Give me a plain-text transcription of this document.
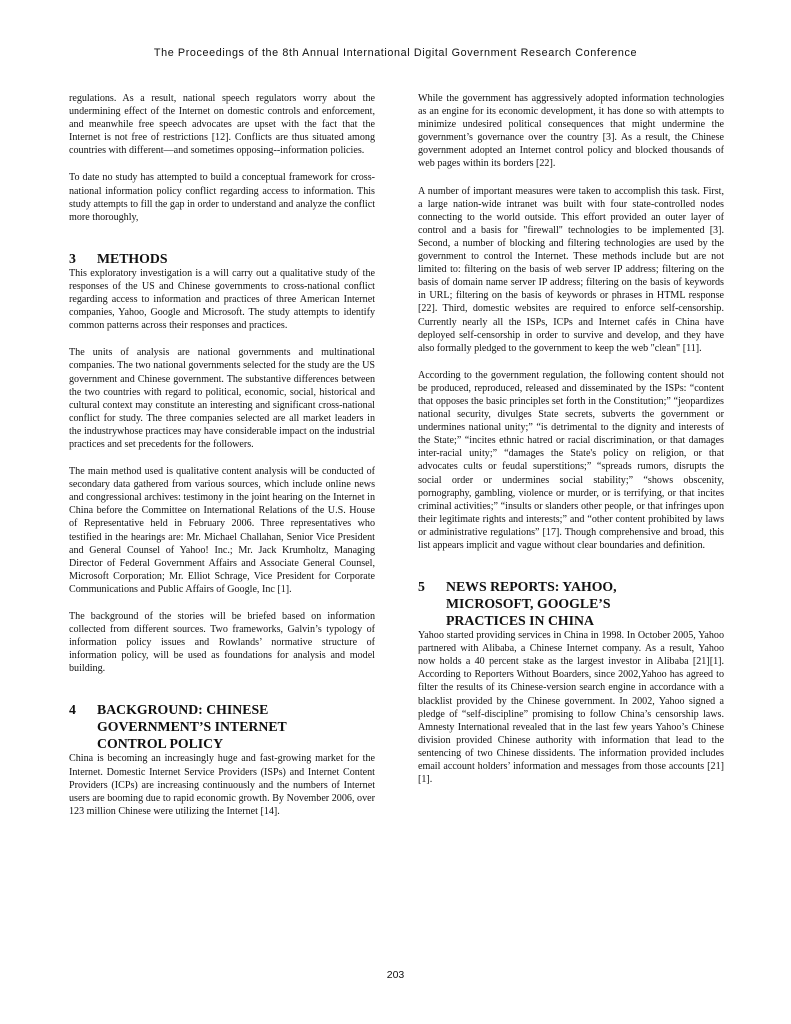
The Proceedings of the 8th Annual International Digital Government Research Conference

regulations. As a result, national speech regulators worry about the undermining effect of the Internet on domestic controls and enforcement, and meanwhile free speech advocates are upset with the fact that the Internet is not free of restrictions [12]. Conflicts are thus situated among countries with different—and sometimes opposing--information policies.

To date no study has attempted to build a conceptual framework for cross-national information policy conflict regarding access to information. This study attempts to fill the gap in order to understand and analyze the conflict more thoroughly,

3	METHODS

This exploratory investigation is a will carry out a qualitative study of the responses of the US and Chinese governments to cross-national conflict regarding access to information and practices of three American Internet companies, Yahoo, Google and Microsoft. The study attempts to identify common patterns across their responses and practices.

The units of analysis are national governments and multinational companies. The two national governments selected for the study are the US government and Chinese government. The substantive differences between the two countries with regard to political, economic, social, historical and cultural context may constitute an interesting and significant cross-national conflict for study. The three companies selected are all market leaders in the industrywhose practices may have considerable impact on the industrial practices and set precedents for the followers.

The main method used is qualitative content analysis will be conducted of secondary data gathered from various sources, which include online news and congressional archives: testimony in the joint hearing on the Internet in China before the Committee on International Relations of the U.S. House of Representative held in February 2006. Three representatives who testified in the hearings are: Mr. Michael Challahan, Senior Vice President and General Counsel of Yahoo! Inc.; Mr. Jack Krumholtz, Managing Director of Federal Government Affairs and Associate General Counsel, Microsoft Corporation; Mr. Elliot Schrage, Vice President for Corporate Communications and Public Affairs of Google, Inc [1].

The background of the stories will be briefed based on information collected from different sources. Two frameworks, Galvin’s typology of information policy issues and Rowlands’ normative structure of information policy, will be used as foundations for analysis and model building.

4	BACKGROUND: CHINESE GOVERNMENT’S INTERNET CONTROL POLICY

China is becoming an increasingly huge and fast-growing market for the Internet. Domestic Internet Service Providers (ISPs) and Internet Content Providers (ICPs) are increasing continuously and the numbers of Internet users are booming due to rapid economic growth. By November 2006, over 123 million Chinese were utilizing the Internet [14].

While the government has aggressively adopted information technologies as an engine for its economic development, it has done so with attempts to minimize undesired political consequences that might undermine the government’s governance over the country [3]. As a result, the Chinese government adopted an Internet control policy and blocked thousands of web pages within its borders [22].

A number of important measures were taken to accomplish this task. First, a large nation-wide intranet was built with four state-controlled nodes connecting to the world outside. This effort provided an outer layer of control and a basis for "firewall" technologies to be implemented [3]. Second, a number of blocking and filtering technologies are used by the government to control the Internet. These methods include but are not limited to: filtering on the basis of web server IP address; filtering on the basis of domain name server IP address; filtering on the basis of keywords in URL; filtering on the basis of keywords or phrases in HTML response [22]. Third, domestic websites are required to enforce self-censorship. Currently nearly all the ISPs, ICPs and Internet cafés in China have deployed self-censorship in order to survive and develop, and they have also formally pledged to the government to keep the web "clean" [11].

According to the government regulation, the following content should not be produced, reproduced, released and disseminated by the ISPs: “content that opposes the basic principles set forth in the Constitution;” “jeopardizes national security, divulges State secrets, subverts the government or undermines national unity;” “is detrimental to the dignity and interests of the State;” “incites ethnic hatred or racial discrimination, or that damages inter-racial unity;” “damages the State's policy on religion, or that advocates cults or feudal superstitions;” “spreads rumors, disrupts the social order or undermines social stability;” “shows obscenity, pornography, gambling, violence or murder, or is terrifying, or that incites criminal activities;” “insults or slanders other people, or that infringes upon their legitimate rights and interests;” and “other content prohibited by laws or administrative regulations” [17]. Though comprehensive and broad, this list appears implicit and vague without clear boundaries and definition.

5	NEWS REPORTS: YAHOO, MICROSOFT, GOOGLE’S PRACTICES IN CHINA

Yahoo started providing services in China in 1998. In October 2005, Yahoo partnered with Alibaba, a Chinese Internet company. As a result, Yahoo now holds a 40 percent stake as the largest investor in Alibaba [21][1]. According to Reporters Without Boarders, since 2002,Yahoo has agreed to filter the results of its Chinese-version search engine in accordance with a blacklist provided by the Chinese government. In 2002, Yahoo signed a pledge of “self-discipline” promising to follow China’s censorship laws. Amnesty International revealed that in the last few years Yahoo’s Chinese division provided Chinese authority with information that lead to the sentencing of two Chinese dissidents. The information provided includes email account holders’ information and messages from those accounts [21][1].

203
